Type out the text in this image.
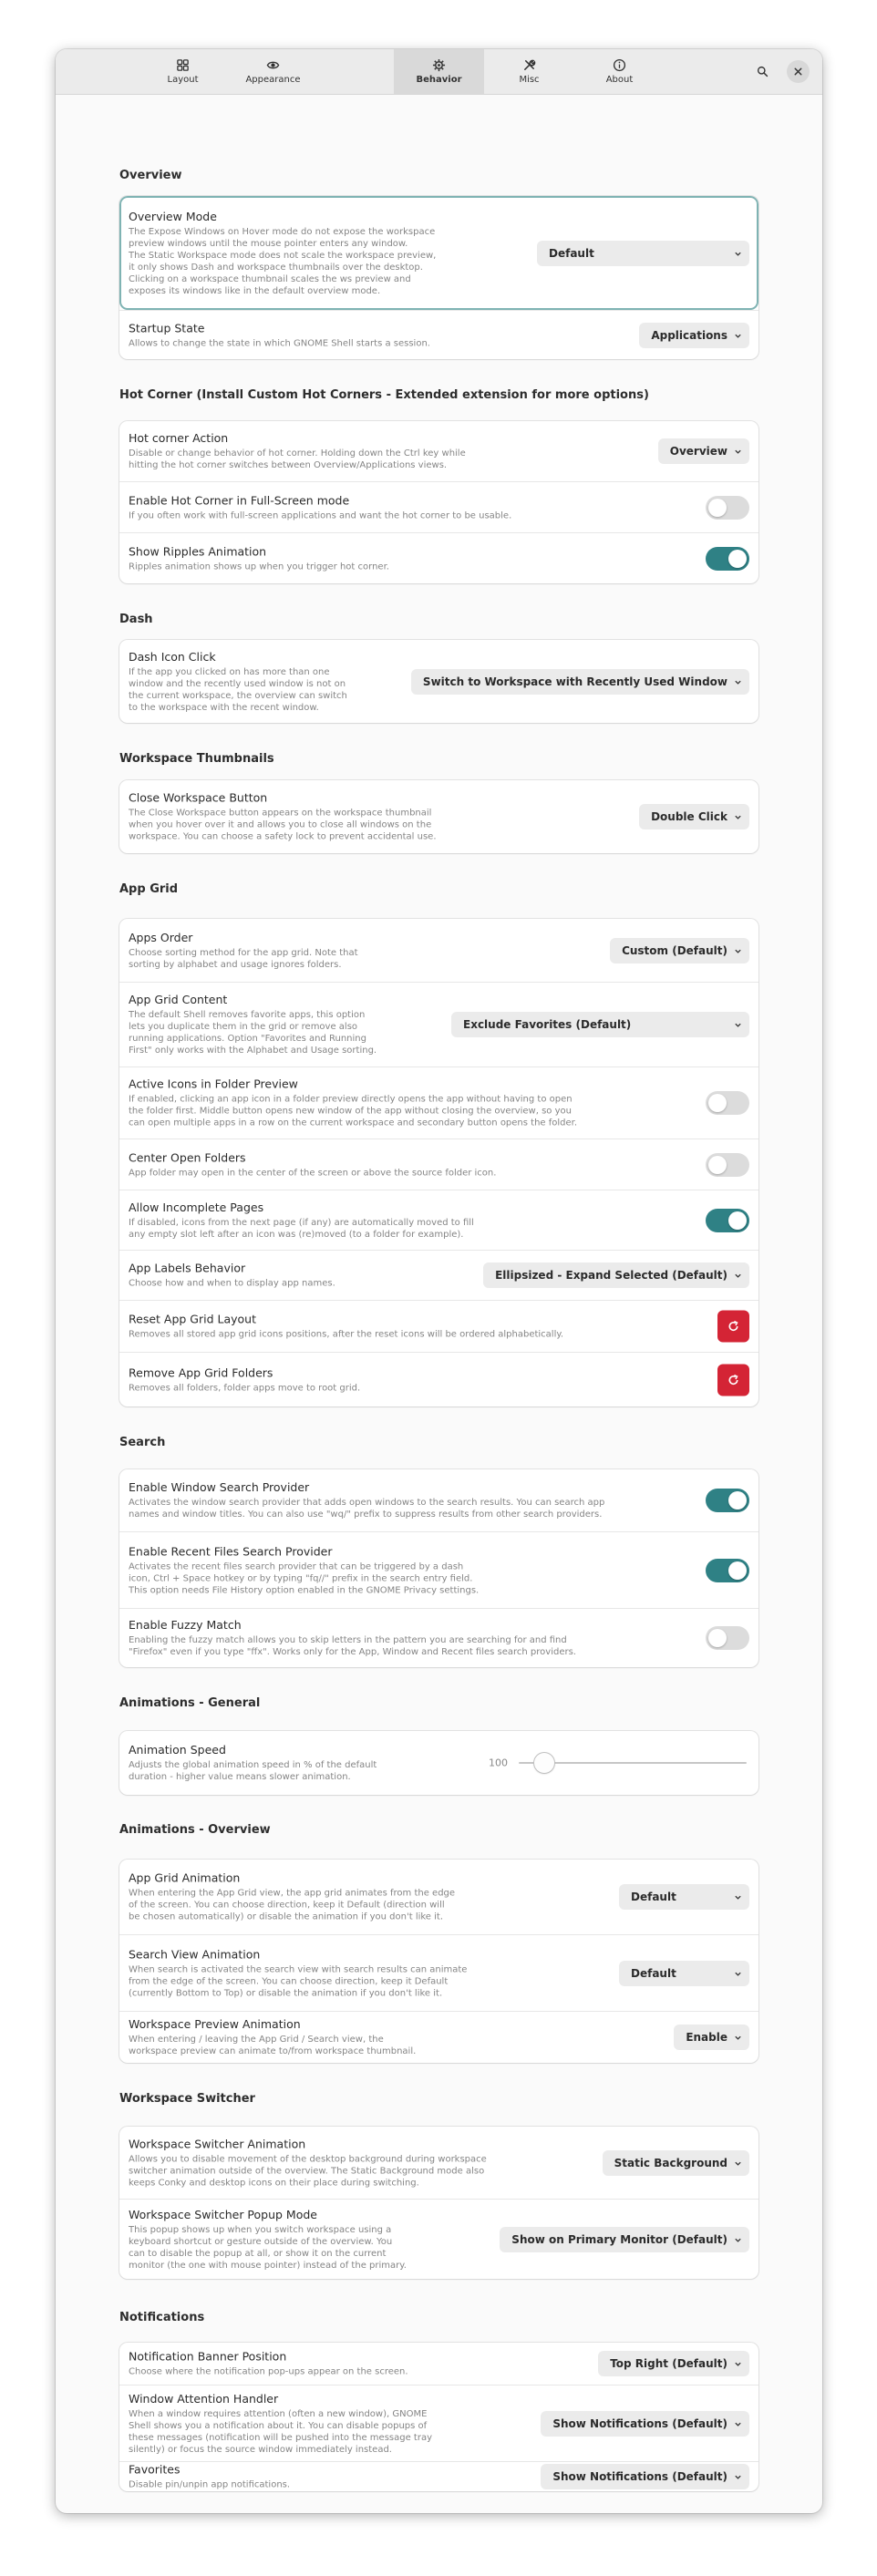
Layout	Appearance	Behavior	Misc	About
Overview
Overview Mode
The Expose Windows on Hover mode do not expose the workspace
preview windows until the mouse pointer enters any window.
The Static Workspace mode does not scale the workspace preview,
it only shows Dash and workspace thumbnails over the desktop.
Clicking on a workspace thumbnail scales the ws preview and
exposes its windows like in the default overview mode.
Default
Startup State
Allows to change the state in which GNOME Shell starts a session.
Applications
Hot Corner (Install Custom Hot Corners - Extended extension for more options)
Hot corner Action
Disable or change behavior of hot corner. Holding down the Ctrl key while
hitting the hot corner switches between Overview/Applications views.
Overview
Enable Hot Corner in Full-Screen mode
If you often work with full-screen applications and want the hot corner to be usable.
Show Ripples Animation
Ripples animation shows up when you trigger hot corner.
Dash
Dash Icon Click
If the app you clicked on has more than one
window and the recently used window is not on
the current workspace, the overview can switch
to the workspace with the recent window.
Switch to Workspace with Recently Used Window
Workspace Thumbnails
Close Workspace Button
The Close Workspace button appears on the workspace thumbnail
when you hover over it and allows you to close all windows on the
workspace. You can choose a safety lock to prevent accidental use.
Double Click
App Grid
Apps Order
Choose sorting method for the app grid. Note that
sorting by alphabet and usage ignores folders.
Custom (Default)
App Grid Content
The default Shell removes favorite apps, this option
lets you duplicate them in the grid or remove also
running applications. Option "Favorites and Running
First" only works with the Alphabet and Usage sorting.
Exclude Favorites (Default)
Active Icons in Folder Preview
If enabled, clicking an app icon in a folder preview directly opens the app without having to open
the folder first. Middle button opens new window of the app without closing the overview, so you
can open multiple apps in a row on the current workspace and secondary button opens the folder.
Center Open Folders
App folder may open in the center of the screen or above the source folder icon.
Allow Incomplete Pages
If disabled, icons from the next page (if any) are automatically moved to fill
any empty slot left after an icon was (re)moved (to a folder for example).
App Labels Behavior
Choose how and when to display app names.
Ellipsized - Expand Selected (Default)
Reset App Grid Layout
Removes all stored app grid icons positions, after the reset icons will be ordered alphabetically.
Remove App Grid Folders
Removes all folders, folder apps move to root grid.
Search
Enable Window Search Provider
Activates the window search provider that adds open windows to the search results. You can search app
names and window titles. You can also use "wq/" prefix to suppress results from other search providers.
Enable Recent Files Search Provider
Activates the recent files search provider that can be triggered by a dash
icon, Ctrl + Space hotkey or by typing "fq//" prefix in the search entry field.
This option needs File History option enabled in the GNOME Privacy settings.
Enable Fuzzy Match
Enabling the fuzzy match allows you to skip letters in the pattern you are searching for and find
"Firefox" even if you type "ffx". Works only for the App, Window and Recent files search providers.
Animations - General
Animation Speed
Adjusts the global animation speed in % of the default
duration - higher value means slower animation.
100
Animations - Overview
App Grid Animation
When entering the App Grid view, the app grid animates from the edge
of the screen. You can choose direction, keep it Default (direction will
be chosen automatically) or disable the animation if you don't like it.
Default
Search View Animation
When search is activated the search view with search results can animate
from the edge of the screen. You can choose direction, keep it Default
(currently Bottom to Top) or disable the animation if you don't like it.
Default
Workspace Preview Animation
When entering / leaving the App Grid / Search view, the
workspace preview can animate to/from workspace thumbnail.
Enable
Workspace Switcher
Workspace Switcher Animation
Allows you to disable movement of the desktop background during workspace
switcher animation outside of the overview. The Static Background mode also
keeps Conky and desktop icons on their place during switching.
Static Background
Workspace Switcher Popup Mode
This popup shows up when you switch workspace using a
keyboard shortcut or gesture outside of the overview. You
can to disable the popup at all, or show it on the current
monitor (the one with mouse pointer) instead of the primary.
Show on Primary Monitor (Default)
Notifications
Notification Banner Position
Choose where the notification pop-ups appear on the screen.
Top Right (Default)
Window Attention Handler
When a window requires attention (often a new window), GNOME
Shell shows you a notification about it. You can disable popups of
these messages (notification will be pushed into the message tray
silently) or focus the source window immediately instead.
Show Notifications (Default)
Favorites
Disable pin/unpin app notifications.
Show Notifications (Default)
